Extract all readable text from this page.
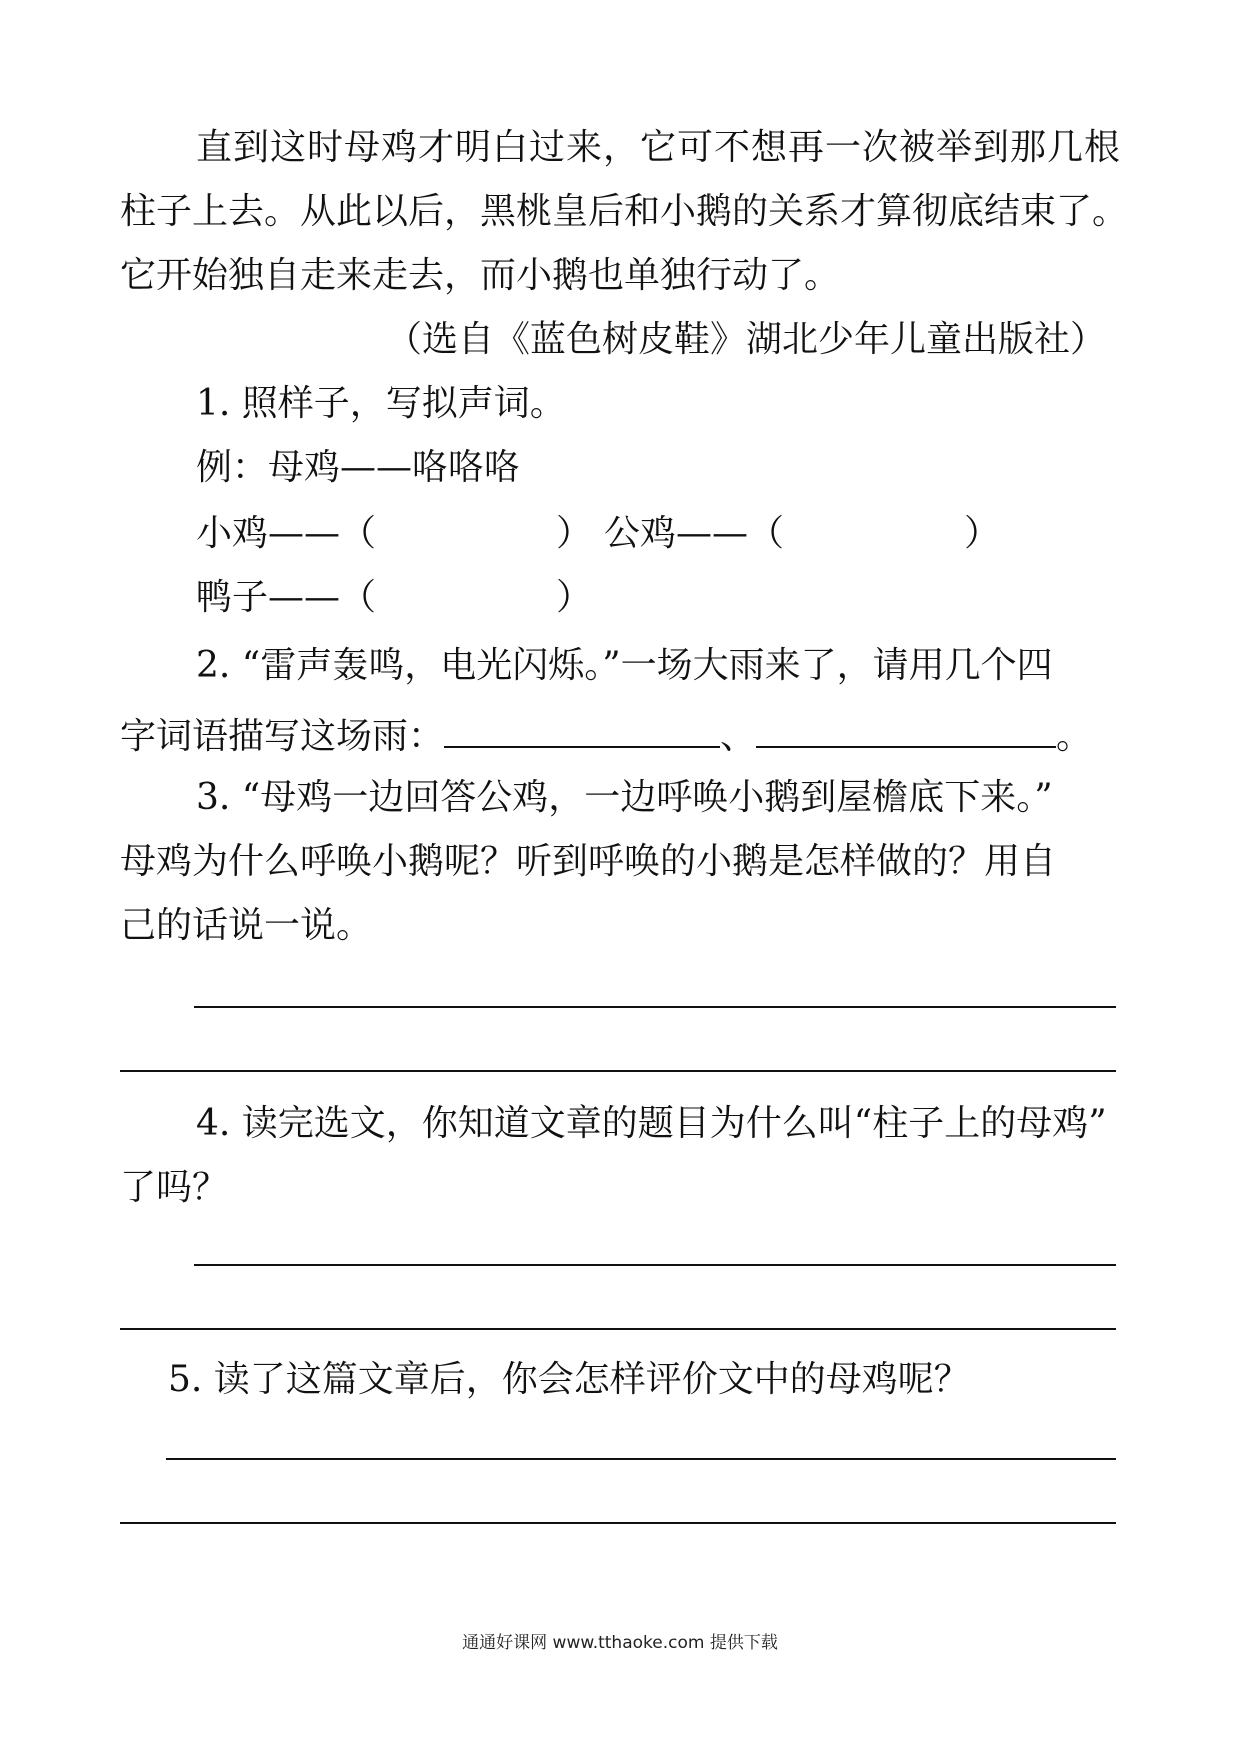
直到这时母鸡才明白过来，它可不想再一次被举到那几根
柱子上去。从此以后，黑桃皇后和小鹅的关系才算彻底结束了。
它开始独自走来走去，而小鹅也单独行动了。
（选自《蓝色树皮鞋》湖北少年儿童出版社）
1. 照样子，写拟声词。
例：母鸡——咯咯咯
小鸡——（　　　　　） 公鸡——（　　　　　）
鸭子——（　　　　　）
2. “雷声轰鸣，电光闪烁。”一场大雨来了，请用几个四
字词语描写这场雨：	、	。
3. “母鸡一边回答公鸡，一边呼唤小鹅到屋檐底下来。”
母鸡为什么呼唤小鹅呢？听到呼唤的小鹅是怎样做的？用自
己的话说一说。
4. 读完选文，你知道文章的题目为什么叫“柱子上的母鸡”
了吗？
5. 读了这篇文章后，你会怎样评价文中的母鸡呢？
通通好课网 www.tthaoke.com 提供下载
